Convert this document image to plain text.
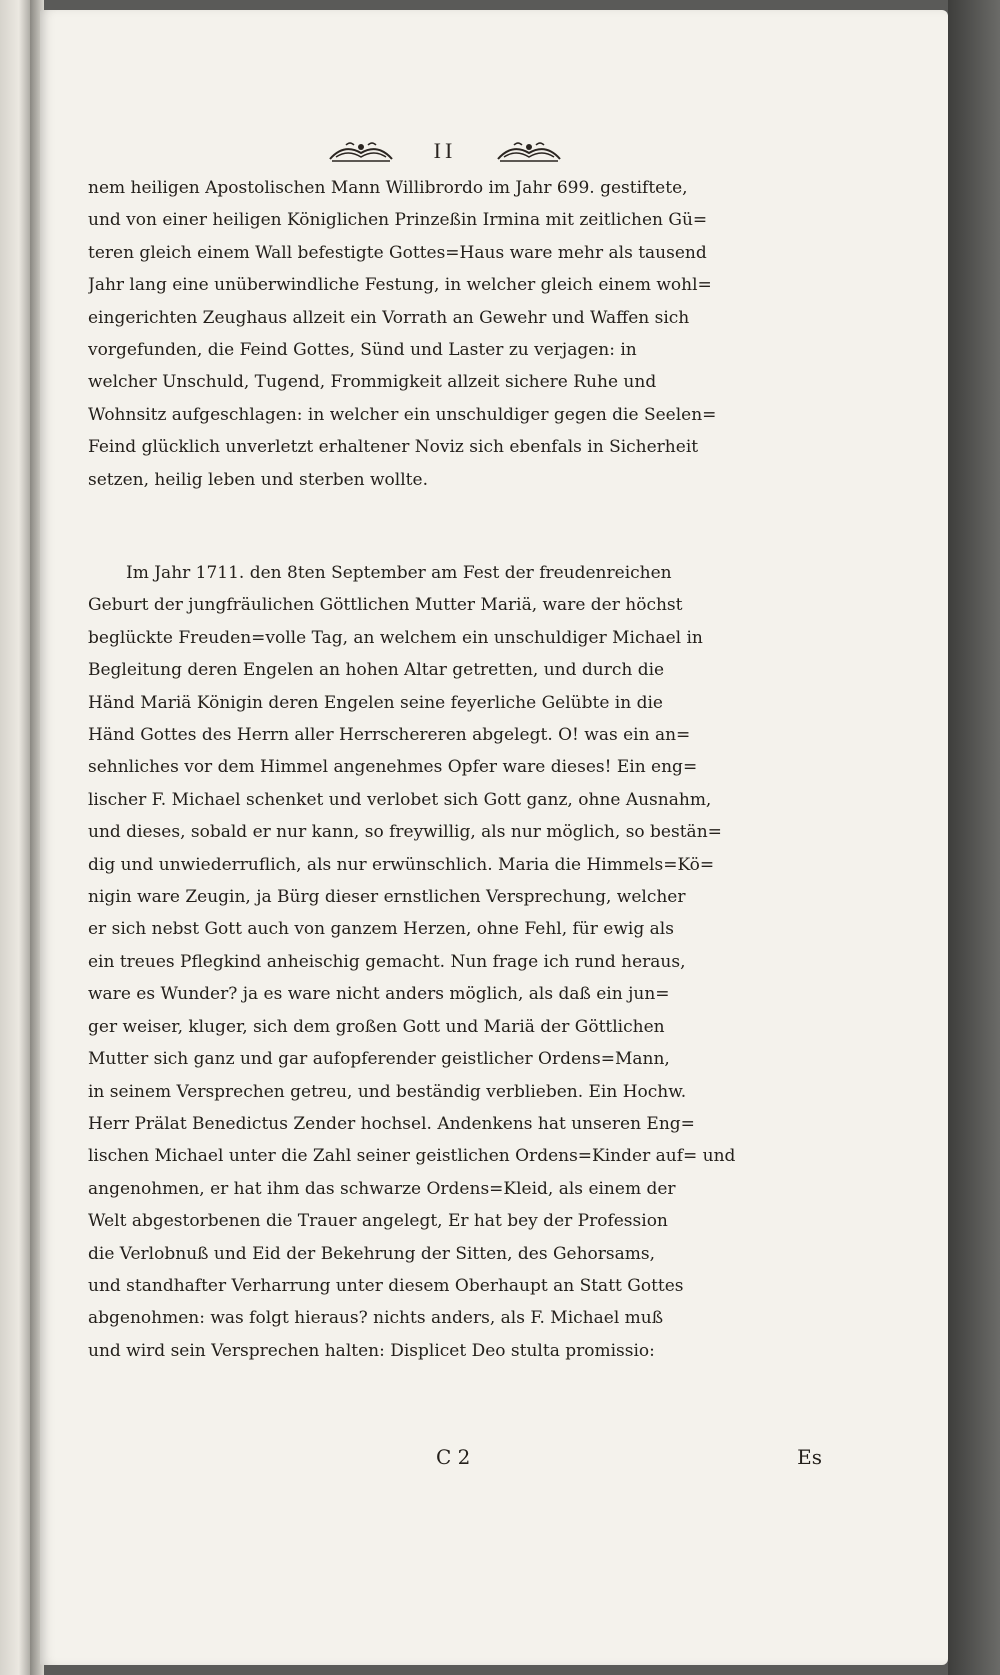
II
nem heiligen Apostolischen Mann Willibrordo im Jahr 699. gestiftete,
und von einer heiligen Königlichen Prinzeßin Irmina mit zeitlichen Gü=
teren gleich einem Wall befestigte Gottes=Haus ware mehr als tausend
Jahr lang eine unüberwindliche Festung, in welcher gleich einem wohl=
eingerichten Zeughaus allzeit ein Vorrath an Gewehr und Waffen sich
vorgefunden, die Feind Gottes, Sünd und Laster zu verjagen: in
welcher Unschuld, Tugend, Frommigkeit allzeit sichere Ruhe und
Wohnsitz aufgeschlagen: in welcher ein unschuldiger gegen die Seelen=
Feind glücklich unverletzt erhaltener Noviz sich ebenfals in Sicherheit
setzen, heilig leben und sterben wollte.
Im Jahr 1711. den 8ten September am Fest der freudenreichen
Geburt der jungfräulichen Göttlichen Mutter Mariä, ware der höchst
beglückte Freuden=volle Tag, an welchem ein unschuldiger Michael in
Begleitung deren Engelen an hohen Altar getretten, und durch die
Händ Mariä Königin deren Engelen seine feyerliche Gelübte in die
Händ Gottes des Herrn aller Herrschereren abgelegt. O! was ein an=
sehnliches vor dem Himmel angenehmes Opfer ware dieses! Ein eng=
lischer F. Michael schenket und verlobet sich Gott ganz, ohne Ausnahm,
und dieses, sobald er nur kann, so freywillig, als nur möglich, so bestän=
dig und unwiederruflich, als nur erwünschlich. Maria die Himmels=Kö=
nigin ware Zeugin, ja Bürg dieser ernstlichen Versprechung, welcher
er sich nebst Gott auch von ganzem Herzen, ohne Fehl, für ewig als
ein treues Pflegkind anheischig gemacht. Nun frage ich rund heraus,
ware es Wunder? ja es ware nicht anders möglich, als daß ein jun=
ger weiser, kluger, sich dem großen Gott und Mariä der Göttlichen
Mutter sich ganz und gar aufopferender geistlicher Ordens=Mann,
in seinem Versprechen getreu, und beständig verblieben. Ein Hochw.
Herr Prälat Benedictus Zender hochsel. Andenkens hat unseren Eng=
lischen Michael unter die Zahl seiner geistlichen Ordens=Kinder auf= und
angenohmen, er hat ihm das schwarze Ordens=Kleid, als einem der
Welt abgestorbenen die Trauer angelegt, Er hat bey der Profession
die Verlobnuß und Eid der Bekehrung der Sitten, des Gehorsams,
und standhafter Verharrung unter diesem Oberhaupt an Statt Gottes
abgenohmen: was folgt hieraus? nichts anders, als F. Michael muß
und wird sein Versprechen halten: Displicet Deo stulta promissio:
C 2	Es
